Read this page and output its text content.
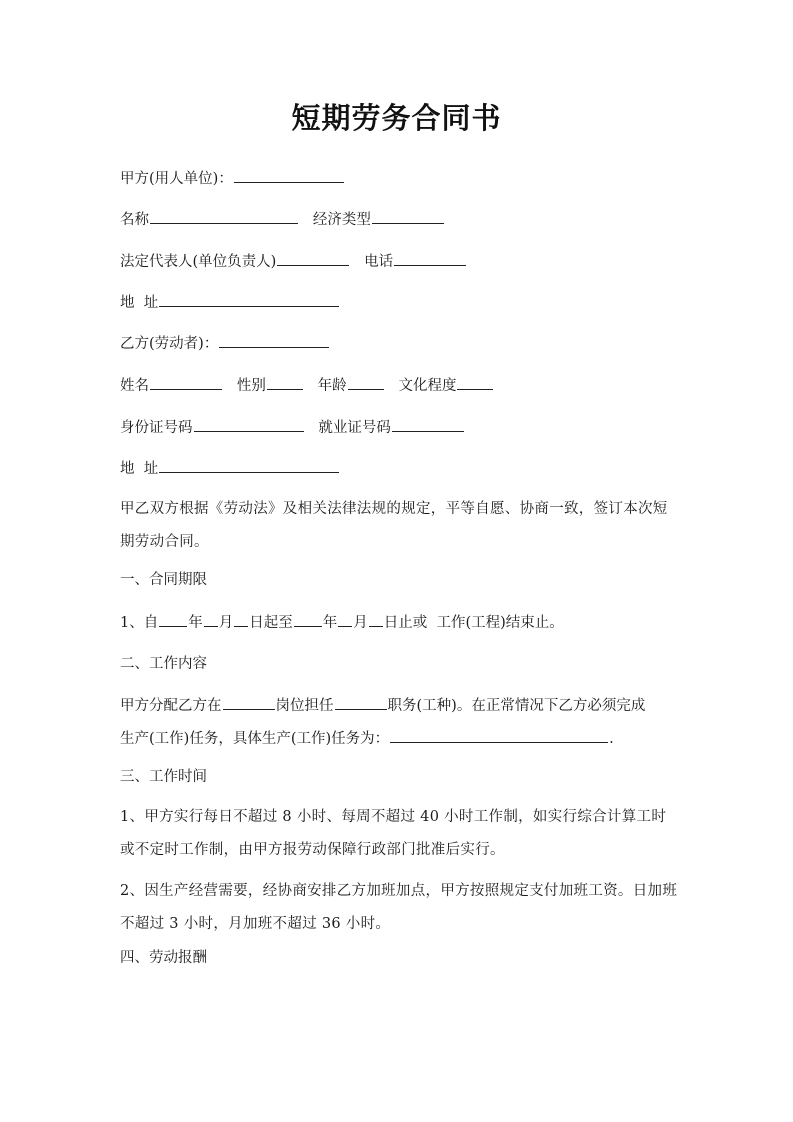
短期劳务合同书
甲方(用人单位)：
名称	经济类型
法定代表人(单位负责人)	电话
地  址
乙方(劳动者)：
姓名	性别	年龄	文化程度
身份证号码	就业证号码
地  址
甲乙双方根据《劳动法》及相关法律法规的规定，平等自愿、协商一致，签订本次短期劳动合同。
一、合同期限
1、自 年 月 日起至 年 月 日止或  工作(工程)结束止。
二、工作内容
甲方分配乙方在	岗位担任	职务(工种)。在正常情况下乙方必须完成
生产(工作)任务，具体生产(工作)任务为：	.
三、工作时间
1、甲方实行每日不超过 8 小时、每周不超过 40 小时工作制，如实行综合计算工时或不定时工作制，由甲方报劳动保障行政部门批准后实行。
2、因生产经营需要，经协商安排乙方加班加点，甲方按照规定支付加班工资。日加班不超过 3 小时，月加班不超过 36 小时。
四、劳动报酬
